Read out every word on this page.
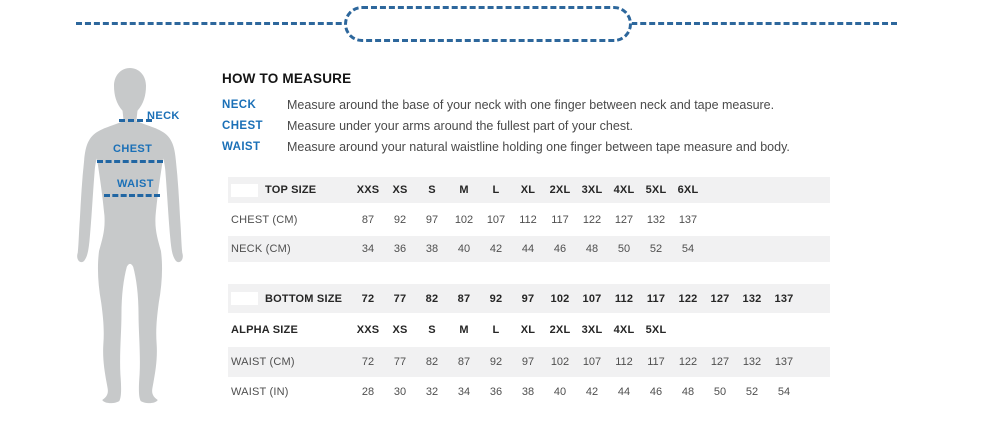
NECK
CHEST
WAIST
HOW TO MEASURE
NECK	Measure around the base of your neck with one finger between neck and tape measure.
CHEST	Measure under your arms around the fullest part of your chest.
WAIST	Measure around your natural waistline holding one finger between tape measure and body.
TOP SIZE	XXS XS S M L XL 2XL 3XL 4XL 5XL 6XL
CHEST (CM)	87 92 97 102 107 112 117 122 127 132 137
NECK (CM)	34 36 38 40 42 44 46 48 50 52 54
BOTTOM SIZE	72 77 82 87 92 97 102 107 112 117 122 127 132 137
ALPHA SIZE	XXS XS S M L XL 2XL 3XL 4XL 5XL
WAIST (CM)	72 77 82 87 92 97 102 107 112 117 122 127 132 137
WAIST (IN)	28 30 32 34 36 38 40 42 44 46 48 50 52 54
